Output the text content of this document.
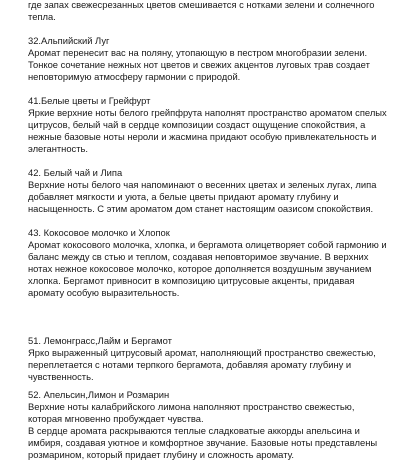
где запах свежесрезанных цветов смешивается с нотками зелени и солнечного
тепла.
32.Альпийский Луг
Аромат перенесит вас на поляну, утопающую в пестром многобразии зелени.
Тонкое сочетание нежных нот цветов и свежих акцентов луговых трав создает
неповторимую атмосферу гармонии с природой.
41.Белые цветы и Грейфурт
Яркие верхние ноты белого грейпфрута наполнят пространство ароматом спелых
цитрусов, белый чай в сердце композиции создаст ощущение спокойствия, а
нежные базовые ноты нероли и жасмина придают особую привлекательность и
элегантность.
42. Белый чай и Липа
Верхние ноты белого чая напоминают о весенних цветах и зеленых лугах, липа
добавляет мягкости и уюта, а белые цветы придают аромату глубину и
насыщенность. С этим ароматом дом станет настоящим оазисом спокойствия.
43. Кокосовое молочко и Хлопок
Аромат кокосового молочка, хлопка, и бергамота олицетворяет собой гармонию и
баланс между св стью и теплом, создавая неповторимое звучание. В верхних
нотах нежное кокосовое молочко, которое дополняется воздушным звучанием
хлопка. Бергамот привносит в композицию цитрусовые акценты, придавая
аромату особую выразительность.
51. Лемонграсс,Лайм и Бергамот
Ярко выраженный цитрусовый аромат, наполняющий пространство свежестью,
переплетается с нотами терпкого бергамота, добавляя аромату глубину и
чувственность.
52. Апельсин,Лимон и Розмарин
Верхние ноты калабрийского лимона наполняют пространство свежестью,
которая мгновенно пробуждает чувства.
В сердце аромата раскрываются теплые сладковатые аккорды апельсина и
имбиря, создавая уютное и комфортное звучание. Базовые ноты представлены
розмарином, который придает глубину и сложность аромату.
